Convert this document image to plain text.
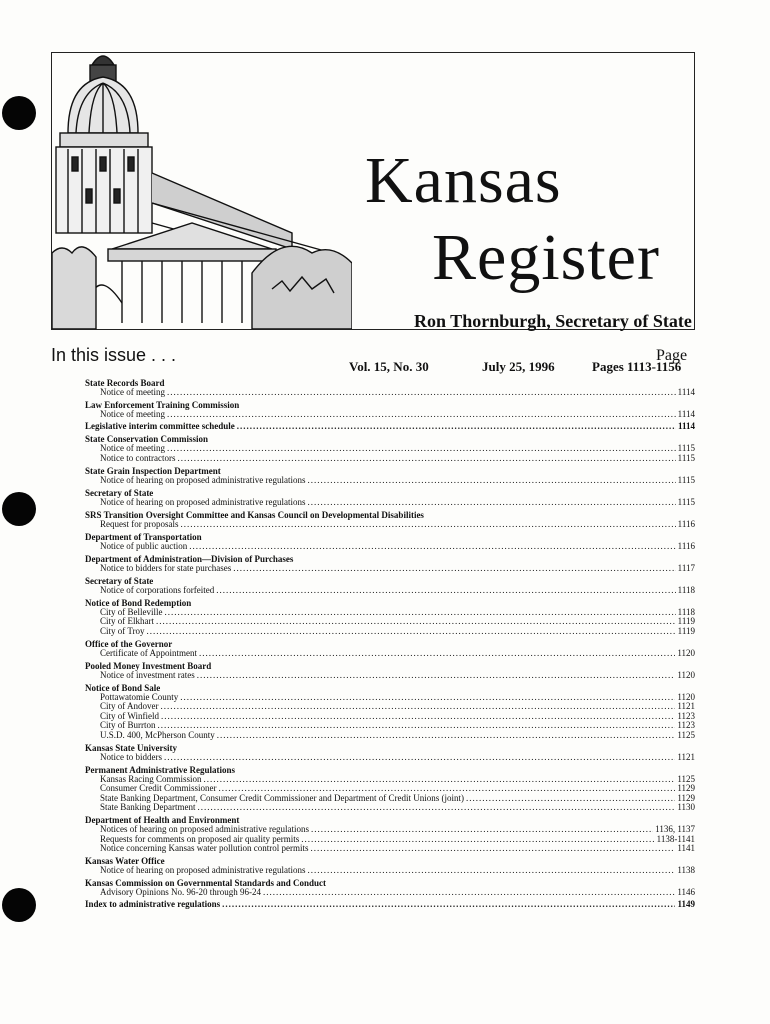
Kansas
Register
Ron Thornburgh, Secretary of State
Vol. 15, No. 30	July 25, 1996	Pages 1113-1156
In this issue . . .	Page
State Records Board
Notice of meeting .....	1114
Law Enforcement Training Commission
Notice of meeting .....	1114
Legislative interim committee schedule .....	1114
State Conservation Commission
Notice of meeting .....	1115
Notice to contractors .....	1115
State Grain Inspection Department
Notice of hearing on proposed administrative regulations .....	1115
Secretary of State
Notice of hearing on proposed administrative regulations .....	1115
SRS Transition Oversight Committee and Kansas Council on Developmental Disabilities
Request for proposals .....	1116
Department of Transportation
Notice of public auction .....	1116
Department of Administration—Division of Purchases
Notice to bidders for state purchases .....	1117
Secretary of State
Notice of corporations forfeited .....	1118
Notice of Bond Redemption
City of Belleville .....	1118
City of Elkhart .....	1119
City of Troy .....	1119
Office of the Governor
Certificate of Appointment .....	1120
Pooled Money Investment Board
Notice of investment rates .....	1120
Notice of Bond Sale
Pottawatomie County .....	1120
City of Andover .....	1121
City of Winfield .....	1123
City of Burrton .....	1123
U.S.D. 400, McPherson County .....	1125
Kansas State University
Notice to bidders .....	1121
Permanent Administrative Regulations
Kansas Racing Commission .....	1125
Consumer Credit Commissioner .....	1129
State Banking Department, Consumer Credit Commissioner and Department of Credit Unions (joint) .....	1129
State Banking Department .....	1130
Department of Health and Environment
Notices of hearing on proposed administrative regulations .....	1136, 1137
Requests for comments on proposed air quality permits .....	1138-1141
Notice concerning Kansas water pollution control permits .....	1141
Kansas Water Office
Notice of hearing on proposed administrative regulations .....	1138
Kansas Commission on Governmental Standards and Conduct
Advisory Opinions No. 96-20 through 96-24 .....	1146
Index to administrative regulations .....	1149
